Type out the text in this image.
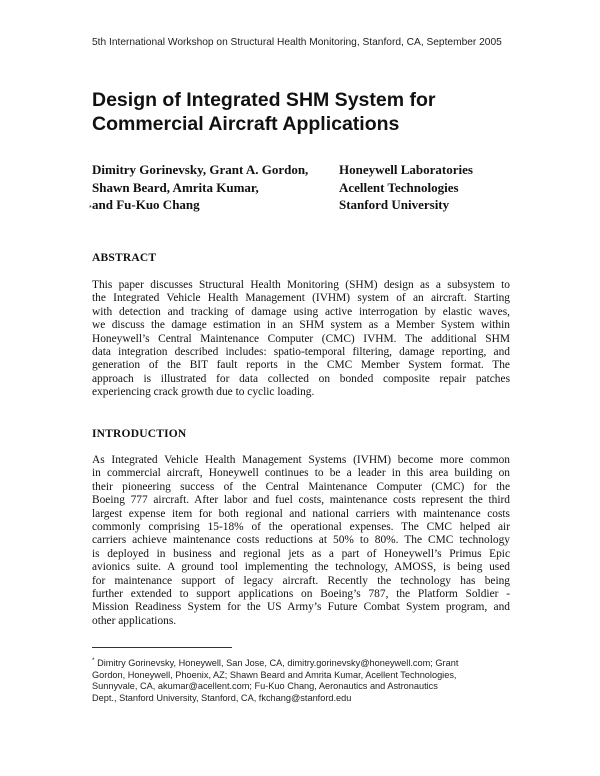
5th International Workshop on Structural Health Monitoring, Stanford, CA, September 2005
Design of Integrated SHM System for
Commercial Aircraft Applications
Dimitry Gorinevsky, Grant A. Gordon,
Shawn Beard, Amrita Kumar,
and Fu-Kuo Chang
Honeywell Laboratories
Acellent Technologies
Stanford University
*
ABSTRACT
This paper discusses Structural Health Monitoring (SHM) design as a subsystem to
the Integrated Vehicle Health Management (IVHM) system of an aircraft. Starting
with detection and tracking of damage using active interrogation by elastic waves,
we discuss the damage estimation in an SHM system as a Member System within
Honeywell’s Central Maintenance Computer (CMC) IVHM. The additional SHM
data integration described includes: spatio-temporal filtering, damage reporting, and
generation of the BIT fault reports in the CMC Member System format. The
approach is illustrated for data collected on bonded composite repair patches
experiencing crack growth due to cyclic loading.
INTRODUCTION
As Integrated Vehicle Health Management Systems (IVHM) become more common
in commercial aircraft, Honeywell continues to be a leader in this area building on
their pioneering success of the Central Maintenance Computer (CMC) for the
Boeing 777 aircraft. After labor and fuel costs, maintenance costs represent the third
largest expense item for both regional and national carriers with maintenance costs
commonly comprising 15-18% of the operational expenses. The CMC helped air
carriers achieve maintenance costs reductions at 50% to 80%. The CMC technology
is deployed in business and regional jets as a part of Honeywell’s Primus Epic
avionics suite. A ground tool implementing the technology, AMOSS, is being used
for maintenance support of legacy aircraft. Recently the technology has being
further extended to support applications on Boeing’s 787, the Platform Soldier -
Mission Readiness System for the US Army’s Future Combat System program, and
other applications.
* Dimitry Gorinevsky, Honeywell, San Jose, CA, dimitry.gorinevsky@honeywell.com; Grant
Gordon, Honeywell, Phoenix, AZ; Shawn Beard and Amrita Kumar, Acellent Technologies,
Sunnyvale, CA, akumar@acellent.com; Fu-Kuo Chang, Aeronautics and Astronautics
Dept., Stanford University, Stanford, CA, fkchang@stanford.edu
